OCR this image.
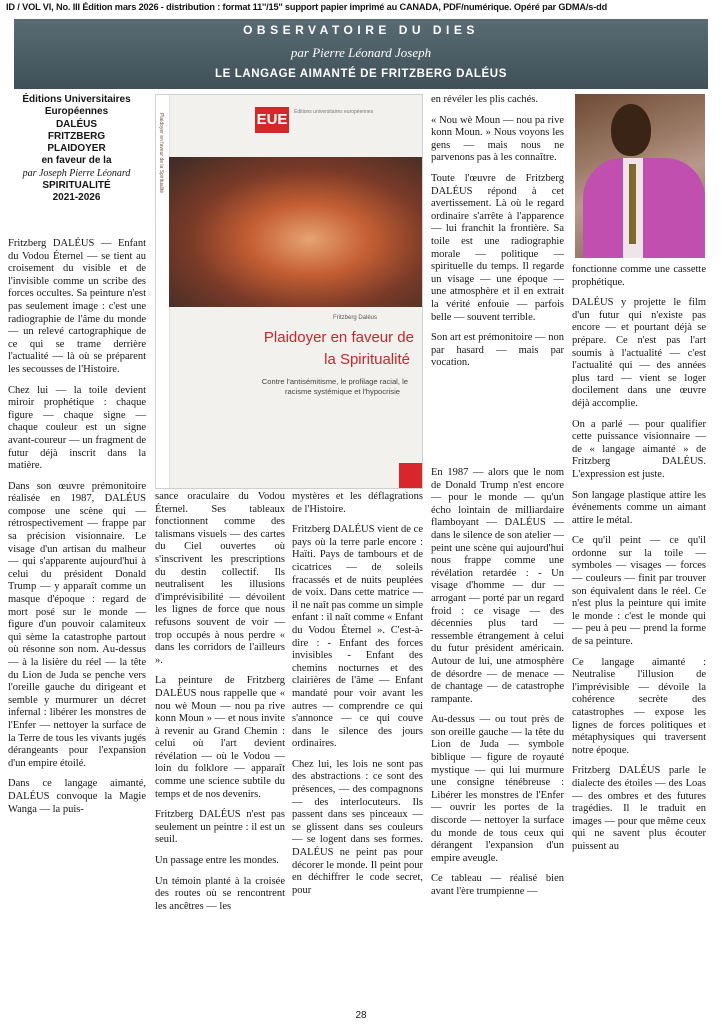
ID / VOL VI, No. III Édition mars 2026 - distribution : format 11''/15'' support papier imprimé au CANADA, PDF/numérique. Opéré par GDMA/s-dd
OBSERVATOIRE DU DIES
par Pierre Léonard Joseph
LE LANGAGE AIMANTÉ DE FRITZBERG DALÉUS
Éditions Universitaires
Européennes
DALÉUS
FRITZBERG
PLAIDOYER
en faveur de la
par Joseph Pierre Léonard
SPIRITUALITÉ
2021-2026

Fritzberg DALÉUS — Enfant du Vodou Éternel — se tient au croisement du visible et de l'invisible comme un scribe des forces occultes. Sa peinture n'est pas seulement image : c'est une radiographie de l'âme du monde — un relevé cartographique de ce qui se trame derrière l'actualité — là où se préparent les secousses de l'Histoire.

Chez lui — la toile devient miroir prophétique : chaque figure — chaque signe — chaque couleur est un signe avant-coureur — un fragment de futur déjà inscrit dans la matière.

Dans son œuvre prémonitoire réalisée en 1987, DALÉUS compose une scène qui — rétrospectivement — frappe par sa précision visionnaire. Le visage d'un artisan du malheur — qui s'apparente aujourd'hui à celui du président Donald Trump — y apparaît comme un masque d'époque : regard de mort posé sur le monde — figure d'un pouvoir calamiteux qui sème la catastrophe partout où résonne son nom. Au-dessus — à la lisière du réel — la tête du Lion de Juda se penche vers l'oreille gauche du dirigeant et semble y murmurer un décret infernal : libérer les monstres de l'Enfer — nettoyer la surface de la Terre de tous les vivants jugés dérangeants pour l'expansion d'un empire étoilé.

Dans ce langage aimanté, DALÉUS convoque la Magie Wanga — la puis-

Plaidoyer en faveur de la Spiritualité	EUE	Éditions universitaires européennes
Fritzberg Daléus
Plaidoyer en faveur de
la Spiritualité
Contre l'antisémitisme, le profilage racial, le
racisme systémique et l'hypocrisie

sance oraculaire du Vodou Éternel. Ses tableaux fonctionnent comme des talismans visuels — des cartes du Ciel ouvertes où s'inscrivent les prescriptions du destin collectif. Ils neutralisent les illusions d'imprévisibilité — dévoilent les lignes de force que nous refusons souvent de voir — trop occupés à nous perdre « dans les corridors de l'ailleurs ».

La peinture de Fritzberg DALÉUS nous rappelle que « nou wè Moun — nou pa rive konn Moun » — et nous invite à revenir au Grand Chemin : celui où l'art devient révélation — où le Vodou — loin du folklore — apparaît comme une science subtile du temps et de nos devenirs.

Fritzberg DALÉUS n'est pas seulement un peintre : il est un seuil.

Un passage entre les mondes.

Un témoin planté à la croisée des routes où se rencontrent les ancêtres — les

en révéler les plis cachés.

« Nou wè Moun — nou pa rive konn Moun. » Nous voyons les gens — mais nous ne parvenons pas à les connaître.

Toute l'œuvre de Fritzberg DALÉUS répond à cet avertissement. Là où le regard ordinaire s'arrête à l'apparence — lui franchit la frontière. Sa toile est une radiographie morale — politique — spirituelle du temps. Il regarde un visage — une époque — une atmosphère et il en extrait la vérité enfouie — parfois belle — souvent terrible.

Son art est prémonitoire — non par hasard — mais par vocation.

mystères et les déflagrations de l'Histoire.

Fritzberg DALÉUS vient de ce pays où la terre parle encore : Haïti. Pays de tambours et de cicatrices — de soleils fracassés et de nuits peuplées de voix. Dans cette matrice — il ne naît pas comme un simple enfant : il naît comme « Enfant du Vodou Éternel ». C'est-à-dire : - Enfant des forces invisibles - Enfant des chemins nocturnes et des clairières de l'âme — Enfant mandaté pour voir avant les autres — comprendre ce qui s'annonce — ce qui couve dans le silence des jours ordinaires.

Chez lui, les lois ne sont pas des abstractions : ce sont des présences, — des compagnons — des interlocuteurs. Ils passent dans ses pinceaux — se glissent dans ses couleurs — se logent dans ses formes. DALÉUS ne peint pas pour décorer le monde. Il peint pour en déchiffrer le code secret, pour

En 1987 — alors que le nom de Donald Trump n'est encore — pour le monde — qu'un écho lointain de milliardaire flamboyant — DALÉUS — dans le silence de son atelier — peint une scène qui aujourd'hui nous frappe comme une révélation retardée : - Un visage d'homme — dur — arrogant — porté par un regard froid : ce visage — des décennies plus tard — ressemble étrangement à celui du futur président américain. Autour de lui, une atmosphère de désordre — de menace — de chantage — de catastrophe rampante.

Au-dessus — ou tout près de son oreille gauche — la tête du Lion de Juda — symbole biblique — figure de royauté mystique — qui lui murmure une consigne ténébreuse : Libérer les monstres de l'Enfer — ouvrir les portes de la discorde — nettoyer la surface du monde de tous ceux qui dérangent l'expansion d'un empire aveugle.

Ce tableau — réalisé bien avant l'ère trumpienne —

fonctionne comme une cassette prophétique.

DALÉUS y projette le film d'un futur qui n'existe pas encore — et pourtant déjà se prépare. Ce n'est pas l'art soumis à l'actualité — c'est l'actualité qui — des années plus tard — vient se loger docilement dans une œuvre déjà accomplie.

On a parlé — pour qualifier cette puissance visionnaire — de « langage aimanté » de Fritzberg DALÉUS. L'expression est juste.

Son langage plastique attire les événements comme un aimant attire le métal.

Ce qu'il peint — ce qu'il ordonne sur la toile — symboles — visages — forces — couleurs — finit par trouver son équivalent dans le réel. Ce n'est plus la peinture qui imite le monde : c'est le monde qui — peu à peu — prend la forme de sa peinture.

Ce langage aimanté : Neutralise l'illusion de l'imprévisible — dévoile la cohérence secrète des catastrophes — expose les lignes de forces politiques et métaphysiques qui traversent notre époque.

Fritzberg DALÉUS parle le dialecte des étoiles — des Loas — des ombres et des futures tragédies. Il le traduit en images — pour que même ceux qui ne savent plus écouter puissent au

28
